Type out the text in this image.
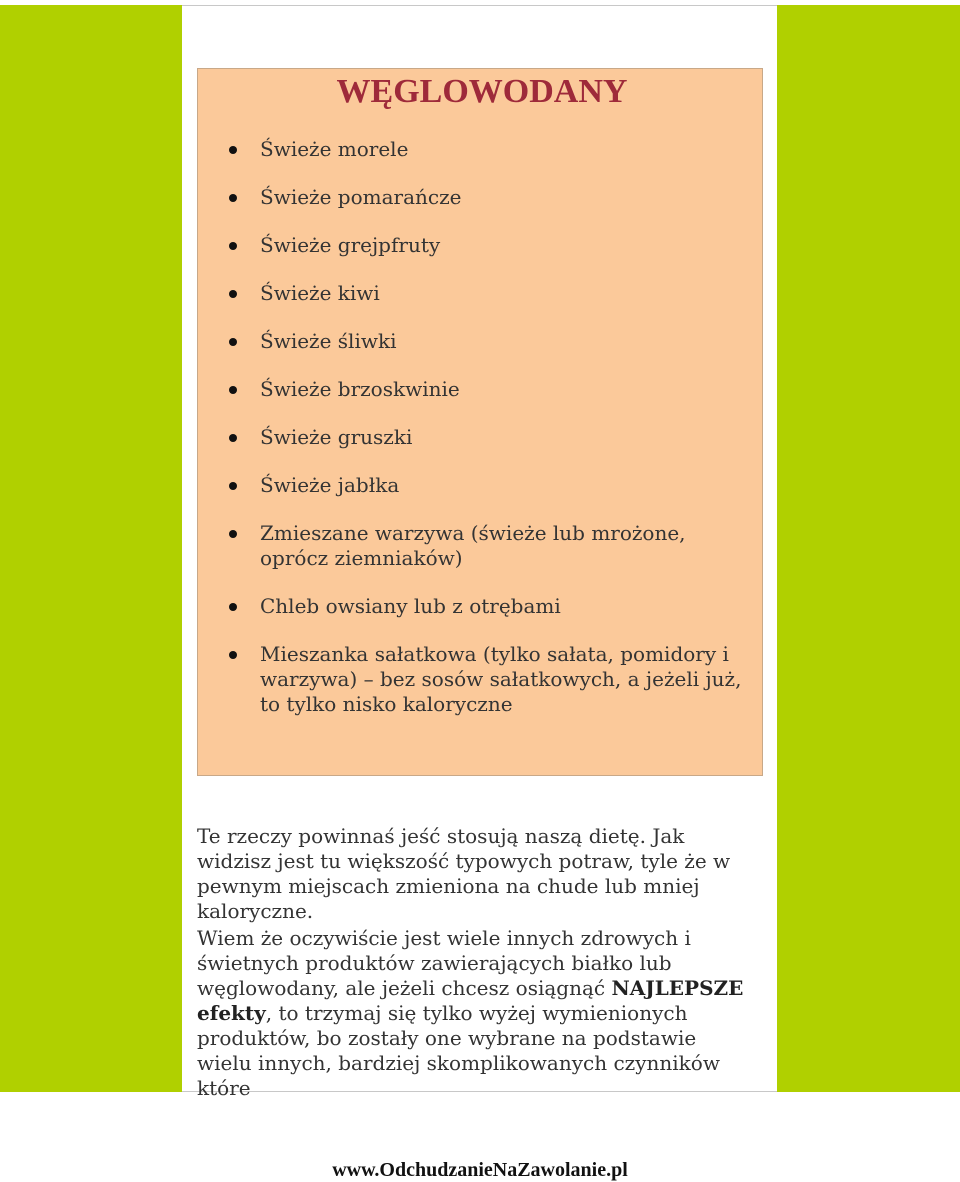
WĘGLOWODANY
Świeże morele
Świeże pomarańcze
Świeże grejpfruty
Świeże kiwi
Świeże śliwki
Świeże brzoskwinie
Świeże gruszki
Świeże jabłka
Zmieszane warzywa (świeże lub mrożone, oprócz ziemniaków)
Chleb owsiany lub z otrębami
Mieszanka sałatkowa (tylko sałata, pomidory i warzywa) – bez sosów sałatkowych, a jeżeli już, to tylko nisko kaloryczne

Te rzeczy powinnaś jeść stosują naszą dietę. Jak widzisz jest tu większość typowych potraw, tyle że w pewnym miejscach zmieniona na chude lub mniej kaloryczne.

Wiem że oczywiście jest wiele innych zdrowych i świetnych produktów zawierających białko lub węglowodany, ale jeżeli chcesz osiągnąć NAJLEPSZE efekty, to trzymaj się tylko wyżej wymienionych produktów, bo zostały one wybrane na podstawie wielu innych, bardziej skomplikowanych czynników które

www.OdchudzanieNaZawolanie.pl
